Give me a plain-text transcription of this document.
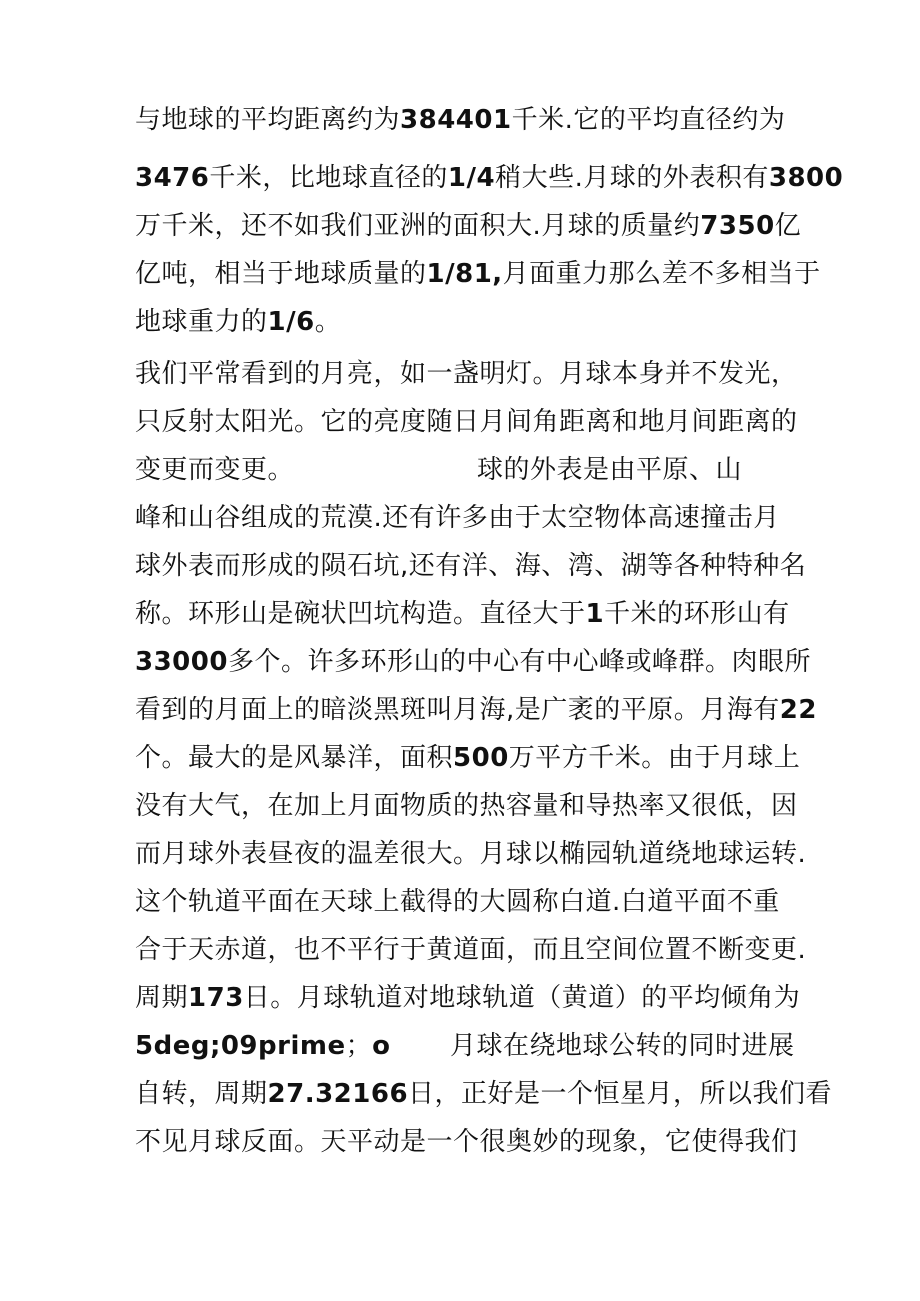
与地球的平均距离约为384401千米.它的平均直径约为
3476千米，比地球直径的1/4稍大些.月球的外表积有3800
万千米，还不如我们亚洲的面积大.月球的质量约7350亿
亿吨，相当于地球质量的1/81,月面重力那么差不多相当于
地球重力的1/6。
我们平常看到的月亮，如一盏明灯。月球本身并不发光，
只反射太阳光。它的亮度随日月间角距离和地月间距离的
变更而变更。	球的外表是由平原、山
峰和山谷组成的荒漠.还有许多由于太空物体高速撞击月
球外表而形成的陨石坑,还有洋、海、湾、湖等各种特种名
称。环形山是碗状凹坑构造。直径大于1千米的环形山有
33000多个。许多环形山的中心有中心峰或峰群。肉眼所
看到的月面上的暗淡黑斑叫月海,是广袤的平原。月海有22
个。最大的是风暴洋，面积500万平方千米。由于月球上
没有大气，在加上月面物质的热容量和导热率又很低，因
而月球外表昼夜的温差很大。月球以椭园轨道绕地球运转.
这个轨道平面在天球上截得的大圆称白道.白道平面不重
合于天赤道，也不平行于黄道面，而且空间位置不断变更.
周期173日。月球轨道对地球轨道（黄道）的平均倾角为
5deg;09prime；o 月球在绕地球公转的同时进展
自转，周期27.32166日，正好是一个恒星月，所以我们看
不见月球反面。天平动是一个很奥妙的现象，它使得我们
